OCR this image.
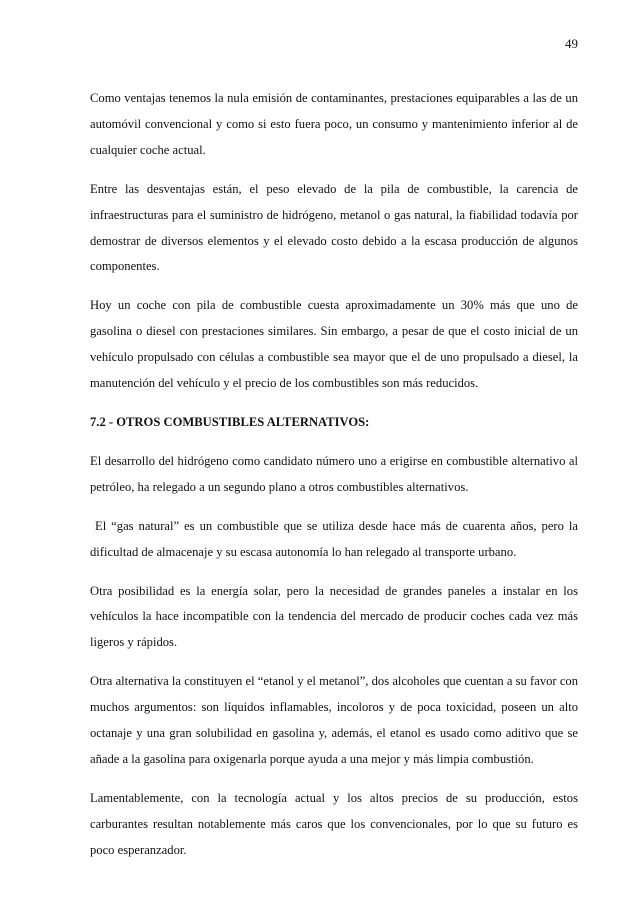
49

Como ventajas tenemos la nula emisión de contaminantes, prestaciones equiparables a las de un automóvil convencional y como si esto fuera poco, un consumo y mantenimiento inferior al de cualquier coche actual.

Entre las desventajas están, el peso elevado de la pila de combustible, la carencia de infraestructuras para el suministro de hidrógeno, metanol o gas natural, la fiabilidad todavía por demostrar de diversos elementos y el elevado costo debido a la escasa producción de algunos componentes.

Hoy un coche con pila de combustible cuesta aproximadamente un 30% más que uno de gasolina o diesel con prestaciones similares. Sin embargo, a pesar de que el costo inicial de un vehículo propulsado con células a combustible sea mayor que el de uno propulsado a diesel, la manutención del vehículo y el precio de los combustibles son más reducidos.

7.2 - OTROS COMBUSTIBLES ALTERNATIVOS:

El desarrollo del hidrógeno como candidato número uno a erigirse en combustible alternativo al petróleo, ha relegado a un segundo plano a otros combustibles alternativos.

El “gas natural” es un combustible que se utiliza desde hace más de cuarenta años, pero la dificultad de almacenaje y su escasa autonomía lo han relegado al transporte urbano.

Otra posibilidad es la energía solar, pero la necesidad de grandes paneles a instalar en los vehículos la hace incompatible con la tendencia del mercado de producir coches cada vez más ligeros y rápidos.

Otra alternativa la constituyen el “etanol y el metanol”, dos alcoholes que cuentan a su favor con muchos argumentos: son líquidos inflamables, incoloros y de poca toxicidad, poseen un alto octanaje y una gran solubilidad en gasolina y, además, el etanol es usado como aditivo que se añade a la gasolina para oxigenarla porque ayuda a una mejor y más limpia combustión.

Lamentablemente, con la tecnología actual y los altos precios de su producción, estos carburantes resultan notablemente más caros que los convencionales, por lo que su futuro es poco esperanzador.
